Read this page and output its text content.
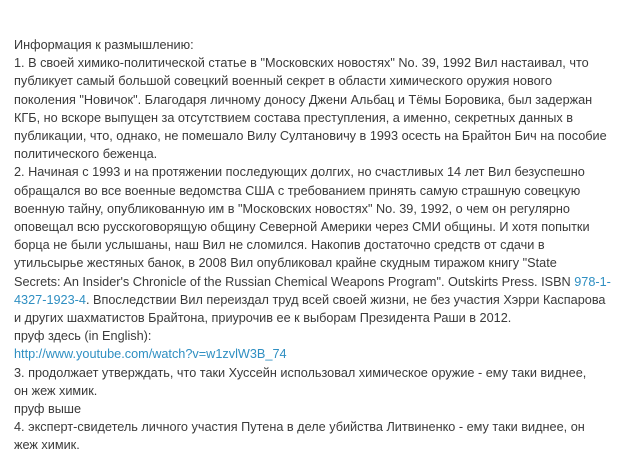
Информация к размышлению:
1. В своей химико-политической статье в "Московских новостях" No. 39, 1992 Вил настаивал, что
публикует самый большой совецкий военный секрет в области химического оружия нового
поколения "Новичок". Благодаря личному доносу Джени Альбац и Тёмы Боровика, был задержан
КГБ, но вскоре выпущен за отсутствием состава преступления, а именно, секретных данных в
публикации, что, однако, не помешало Вилу Султановичу в 1993 осесть на Брайтон Бич на пособие
политического беженца.
2. Начиная с 1993 и на протяжении последующих долгих, но счастливых 14 лет Вил безуспешно
обращался во все военные ведомства США с требованием принять самую страшную совецкую
военную тайну, опубликованную им в "Московских новостях" No. 39, 1992, о чем он регулярно
оповещал всю русскоговорящую общину Северной Америки через СМИ общины. И хотя попытки
борца не были услышаны, наш Вил не сломился. Накопив достаточно средств от сдачи в
утильсырье жестяных банок, в 2008 Вил опубликовал крайне скудным тиражом книгу "State
Secrets: An Insider's Chronicle of the Russian Chemical Weapons Program". Outskirts Press. ISBN 978-1-
4327-1923-4. Впоследствии Вил переиздал труд всей своей жизни, не без участия Хэрри Каспарова
и других шахматистов Брайтона, приурочив ее к выборам Президента Раши в 2012.
пруф здесь (in English):
http://www.youtube.com/watch?v=w1zvlW3B_74
3. продолжает утверждать, что таки Хуссейн использовал химическое оружие - ему таки виднее,
он жеж химик.
пруф выше
4. эксперт-свидетель личного участия Путена в деле убийства Литвиненко - ему таки виднее, он
жеж химик.
